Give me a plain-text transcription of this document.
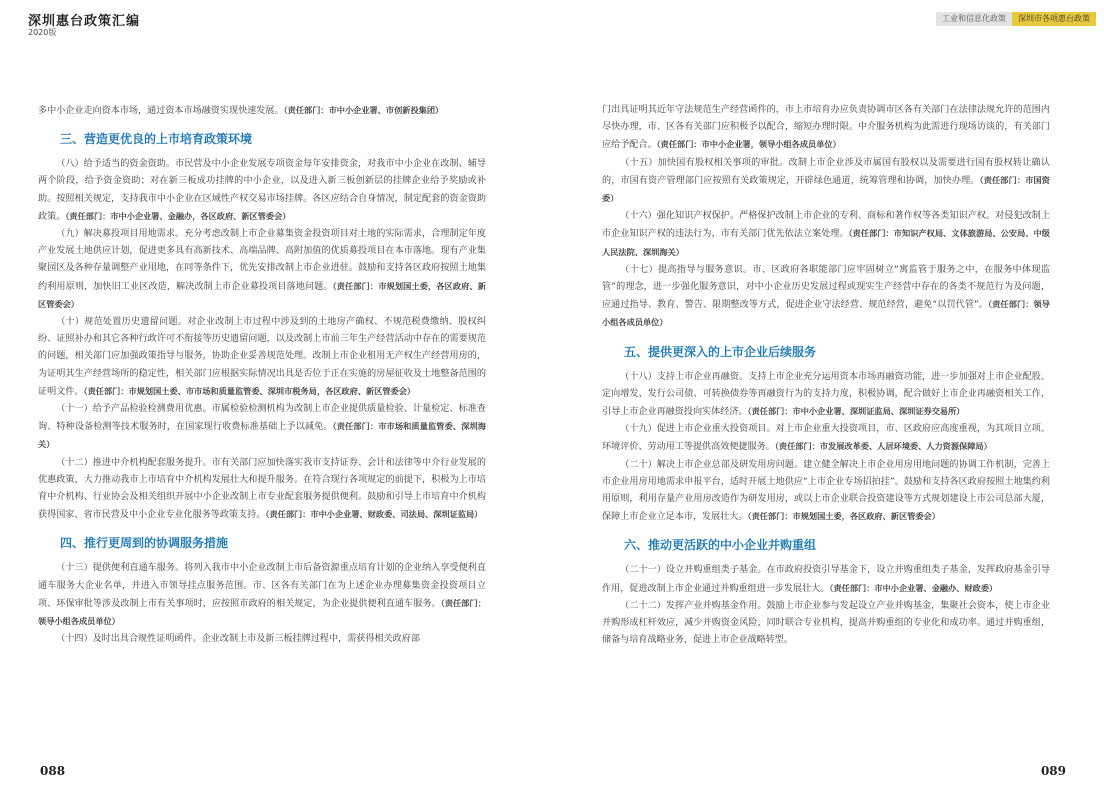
深圳惠台政策汇编
2020版

多中小企业走向资本市场，通过资本市场融资实现快速发展。（责任部门：市中小企业署、市创新投集团）

三、营造更优良的上市培育政策环境

（八）给予适当的资金资助。市民营及中小企业发展专项资金每年安排资金，对我市中小企业在改制、辅导两个阶段，给予资金资助；对在新三板成功挂牌的中小企业，以及进入新三板创新层的挂牌企业给予奖励或补助。按照相关规定，支持我市中小企业在区域性产权交易市场挂牌。各区应结合自身情况，制定配套的资金资助政策。（责任部门：市中小企业署、金融办，各区政府、新区管委会）

（九）解决募投项目用地需求。充分考虑改制上市企业募集资金投资项目对土地的实际需求，合理制定年度产业发展土地供应计划，促进更多具有高新技术、高端品牌、高附加值的优质募投项目在本市落地。现有产业集聚园区及各种存量调整产业用地，在同等条件下，优先安排改制上市企业进驻。鼓励和支持各区政府按照土地集约利用原则，加快旧工业区改造，解决改制上市企业募投项目落地问题。（责任部门：市规划国土委，各区政府、新区管委会）

（十）规范处置历史遗留问题。对企业改制上市过程中涉及到的土地房产确权、不规范税费缴纳、股权纠纷、证照补办和其它各种行政许可不衔接等历史遗留问题，以及改制上市前三年生产经营活动中存在的需要规范的问题，相关部门应加强政策指导与服务，协助企业妥善规范处理。改制上市企业租用无产权生产经营用房的，为证明其生产经营场所的稳定性，相关部门应根据实际情况出具是否位于正在实施的房屋征收及土地整备范围的证明文件。（责任部门：市规划国土委、市市场和质量监管委、深圳市税务局，各区政府、新区管委会）

（十一）给予产品检验检测费用优惠。市属检验检测机构为改制上市企业提供质量检验、计量检定、标准查询、特种设备检测等技术服务时，在国家现行收费标准基础上予以减免。（责任部门：市市场和质量监管委、深圳海关）

（十二）推进中介机构配套服务提升。市有关部门应加快落实我市支持证券、会计和法律等中介行业发展的优惠政策，大力推动我市上市培育中介机构发展壮大和提升服务。在符合现行各项规定的前提下，积极为上市培育中介机构、行业协会及相关组织开展中小企业改制上市专业配套服务提供便利。鼓励和引导上市培育中介机构获得国家、省市民营及中小企业专业化服务等政策支持。（责任部门：市中小企业署、财政委、司法局、深圳证监局）

四、推行更周到的协调服务措施

（十三）提供便利直通车服务。将列入我市中小企业改制上市后备资源重点培育计划的企业纳入享受便利直通车服务大企业名单，并进入市领导挂点服务范围。市、区各有关部门在为上述企业办理募集资金投资项目立项、环保审批等涉及改制上市有关事项时，应按照市政府的相关规定，为企业提供便利直通车服务。（责任部门：领导小组各成员单位）

（十四）及时出具合规性证明函件。企业改制上市及新三板挂牌过程中，需获得相关政府部

088
工业和信息化政策	深圳市各项惠台政策

门出具证明其近年守法规范生产经营函件的，市上市培育办应负责协调市区各有关部门在法律法规允许的范围内尽快办理，市、区各有关部门应积极予以配合，缩短办理时限。中介服务机构为此需进行现场访谈的，有关部门应给予配合。（责任部门：市中小企业署，领导小组各成员单位）

（十五）加快国有股权相关事项的审批。改制上市企业涉及市属国有股权以及需要进行国有股权转让确认的，市国有资产管理部门应按照有关政策规定，开辟绿色通道，统筹管理和协调，加快办理。（责任部门：市国资委）

（十六）强化知识产权保护。严格保护改制上市企业的专利、商标和著作权等各类知识产权。对侵犯改制上市企业知识产权的违法行为，市有关部门优先依法立案处理。（责任部门：市知识产权局、文体旅游局、公安局、中级人民法院、深圳海关）

（十七）提高指导与服务意识。市、区政府各职能部门应牢固树立“寓监管于服务之中，在服务中体现监管”的理念，进一步强化服务意识，对中小企业历史发展过程或现实生产经营中存在的各类不规范行为及问题，应通过指导、教育、警告、限期整改等方式，促进企业守法经营、规范经营，避免“以罚代管”。（责任部门：领导小组各成员单位）

五、提供更深入的上市企业后续服务

（十八）支持上市企业再融资。支持上市企业充分运用资本市场再融资功能，进一步加强对上市企业配股、定向增发、发行公司债、可转换债券等再融资行为的支持力度，积极协调，配合做好上市企业再融资相关工作，引导上市企业再融资投向实体经济。（责任部门：市中小企业署、深圳证监局、深圳证券交易所）

（十九）促进上市企业重大投资项目。对上市企业重大投资项目，市、区政府应高度重视，为其项目立项、环境评价、劳动用工等提供高效便捷服务。（责任部门：市发展改革委、人居环境委、人力资源保障局）

（二十）解决上市企业总部及研发用房问题。建立健全解决上市企业用房用地问题的协调工作机制，完善上市企业用房用地需求申报平台，适时开展土地供应“上市企业专场招拍挂”。鼓励和支持各区政府按照土地集约利用原则，利用存量产业用房改造作为研发用房，或以上市企业联合投资建设等方式规划建设上市公司总部大厦，保障上市企业立足本市，发展壮大。（责任部门：市规划国土委，各区政府、新区管委会）

六、推动更活跃的中小企业并购重组

（二十一）设立并购重组类子基金。在市政府投资引导基金下，设立并购重组类子基金，发挥政府基金引导作用，促进改制上市企业通过并购重组进一步发展壮大。（责任部门：市中小企业署、金融办、财政委）

（二十二）发挥产业并购基金作用。鼓励上市企业参与发起设立产业并购基金，集聚社会资本，使上市企业并购形成杠杆效应，减少并购资金风险，同时联合专业机构，提高并购重组的专业化和成功率。通过并购重组，储备与培育战略业务，促进上市企业战略转型。

089
